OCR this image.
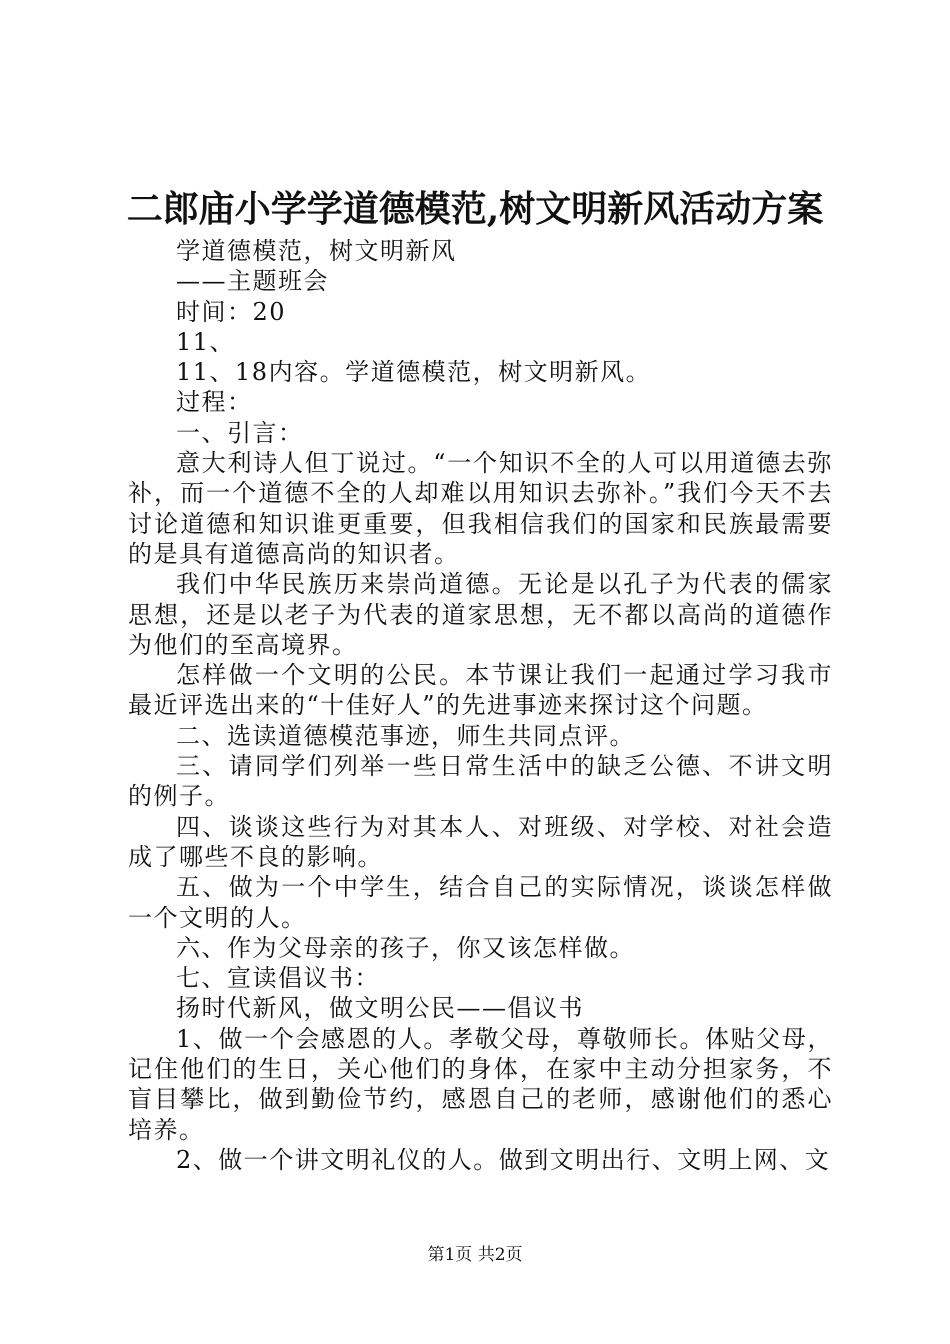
二郎庙小学学道德模范,树文明新风活动方案

学道德模范，树文明新风

——主题班会

时间：20

11、

11、18内容。学道德模范，树文明新风。

过程：

一、引言：

意大利诗人但丁说过。“一个知识不全的人可以用道德去弥补，而一个道德不全的人却难以用知识去弥补。”我们今天不去讨论道德和知识谁更重要，但我相信我们的国家和民族最需要的是具有道德高尚的知识者。

我们中华民族历来崇尚道德。无论是以孔子为代表的儒家思想，还是以老子为代表的道家思想，无不都以高尚的道德作为他们的至高境界。

怎样做一个文明的公民。本节课让我们一起通过学习我市最近评选出来的“十佳好人”的先进事迹来探讨这个问题。

二、选读道德模范事迹，师生共同点评。

三、请同学们列举一些日常生活中的缺乏公德、不讲文明的例子。

四、谈谈这些行为对其本人、对班级、对学校、对社会造成了哪些不良的影响。

五、做为一个中学生，结合自己的实际情况，谈谈怎样做一个文明的人。

六、作为父母亲的孩子，你又该怎样做。

七、宣读倡议书：

扬时代新风，做文明公民——倡议书

1、做一个会感恩的人。孝敬父母，尊敬师长。体贴父母，记住他们的生日，关心他们的身体，在家中主动分担家务，不盲目攀比，做到勤俭节约，感恩自己的老师，感谢他们的悉心培养。

2、做一个讲文明礼仪的人。做到文明出行、文明上网、文

第1页 共2页
